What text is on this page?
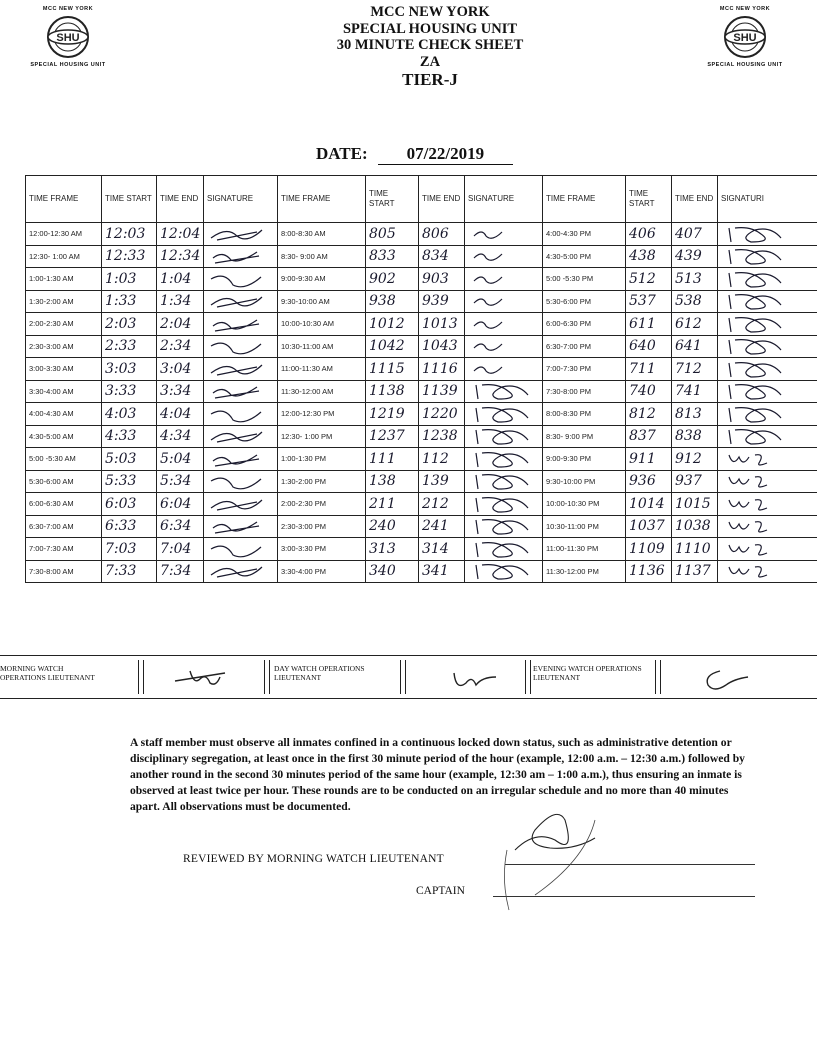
MCC NEW YORK
SHU
SPECIAL HOUSING UNIT
MCC NEW YORK
SHU
SPECIAL HOUSING UNIT
MCC NEW YORK
SPECIAL HOUSING UNIT
30 MINUTE CHECK SHEET
ZA
TIER-J
DATE: 07/22/2019
TIME FRAME	TIME START	TIME END	SIGNATURE	TIME FRAME	TIME START	TIME END	SIGNATURE	TIME FRAME	TIME START	TIME END	SIGNATURI
12:00-12:30 AM	12:03	12:04		8:00-8:30 AM	805	806		4:00-4:30 PM	406	407	

12:30- 1:00 AM	12:33	12:34		8:30- 9:00 AM	833	834		4:30-5:00 PM	438	439	

1:00-1:30 AM	1:03	1:04		9:00-9:30 AM	902	903		5:00 -5:30 PM	512	513	

1:30-2:00 AM	1:33	1:34		9:30-10:00 AM	938	939		5:30-6:00 PM	537	538	

2:00-2:30 AM	2:03	2:04		10:00-10:30 AM	1012	1013		6:00-6:30 PM	611	612	

2:30-3:00 AM	2:33	2:34		10:30-11:00 AM	1042	1043		6:30-7:00 PM	640	641	

3:00-3:30 AM	3:03	3:04		11:00-11:30 AM	1115	1116		7:00-7:30 PM	711	712	

3:30-4:00 AM	3:33	3:34		11:30-12:00 AM	1138	1139		7:30-8:00 PM	740	741	

4:00-4:30 AM	4:03	4:04		12:00-12:30 PM	1219	1220		8:00-8:30 PM	812	813	

4:30-5:00 AM	4:33	4:34		12:30- 1:00 PM	1237	1238		8:30- 9:00 PM	837	838	

5:00 -5:30 AM	5:03	5:04		1:00-1:30 PM	111	112		9:00-9:30 PM	911	912	

5:30-6:00 AM	5:33	5:34		1:30-2:00 PM	138	139		9:30-10:00 PM	936	937	

6:00-6:30 AM	6:03	6:04		2:00-2:30 PM	211	212		10:00-10:30 PM	1014	1015	

6:30-7:00 AM	6:33	6:34		2:30-3:00 PM	240	241		10:30-11:00 PM	1037	1038	

7:00-7:30 AM	7:03	7:04		3:00-3:30 PM	313	314		11:00-11:30 PM	1109	1110	

7:30-8:00 AM	7:33	7:34		3:30-4:00 PM	340	341		11:30-12:00 PM	1136	1137	
MORNING WATCH OPERATIONS LIEUTENANT
DAY WATCH OPERATIONS LIEUTENANT
EVENING WATCH OPERATIONS LIEUTENANT
A staff member must observe all inmates confined in a continuous locked down status, such as administrative detention or disciplinary segregation, at least once in the first 30 minute period of the hour (example, 12:00 a.m. – 12:30 a.m.) followed by another round in the second 30 minutes period of the same hour (example, 12:30 am – 1:00 a.m.), thus ensuring an inmate is observed at least twice per hour. These rounds are to be conducted on an irregular schedule and no more than 40 minutes apart. All observations must be documented.
REVIEWED BY MORNING WATCH LIEUTENANT
CAPTAIN
